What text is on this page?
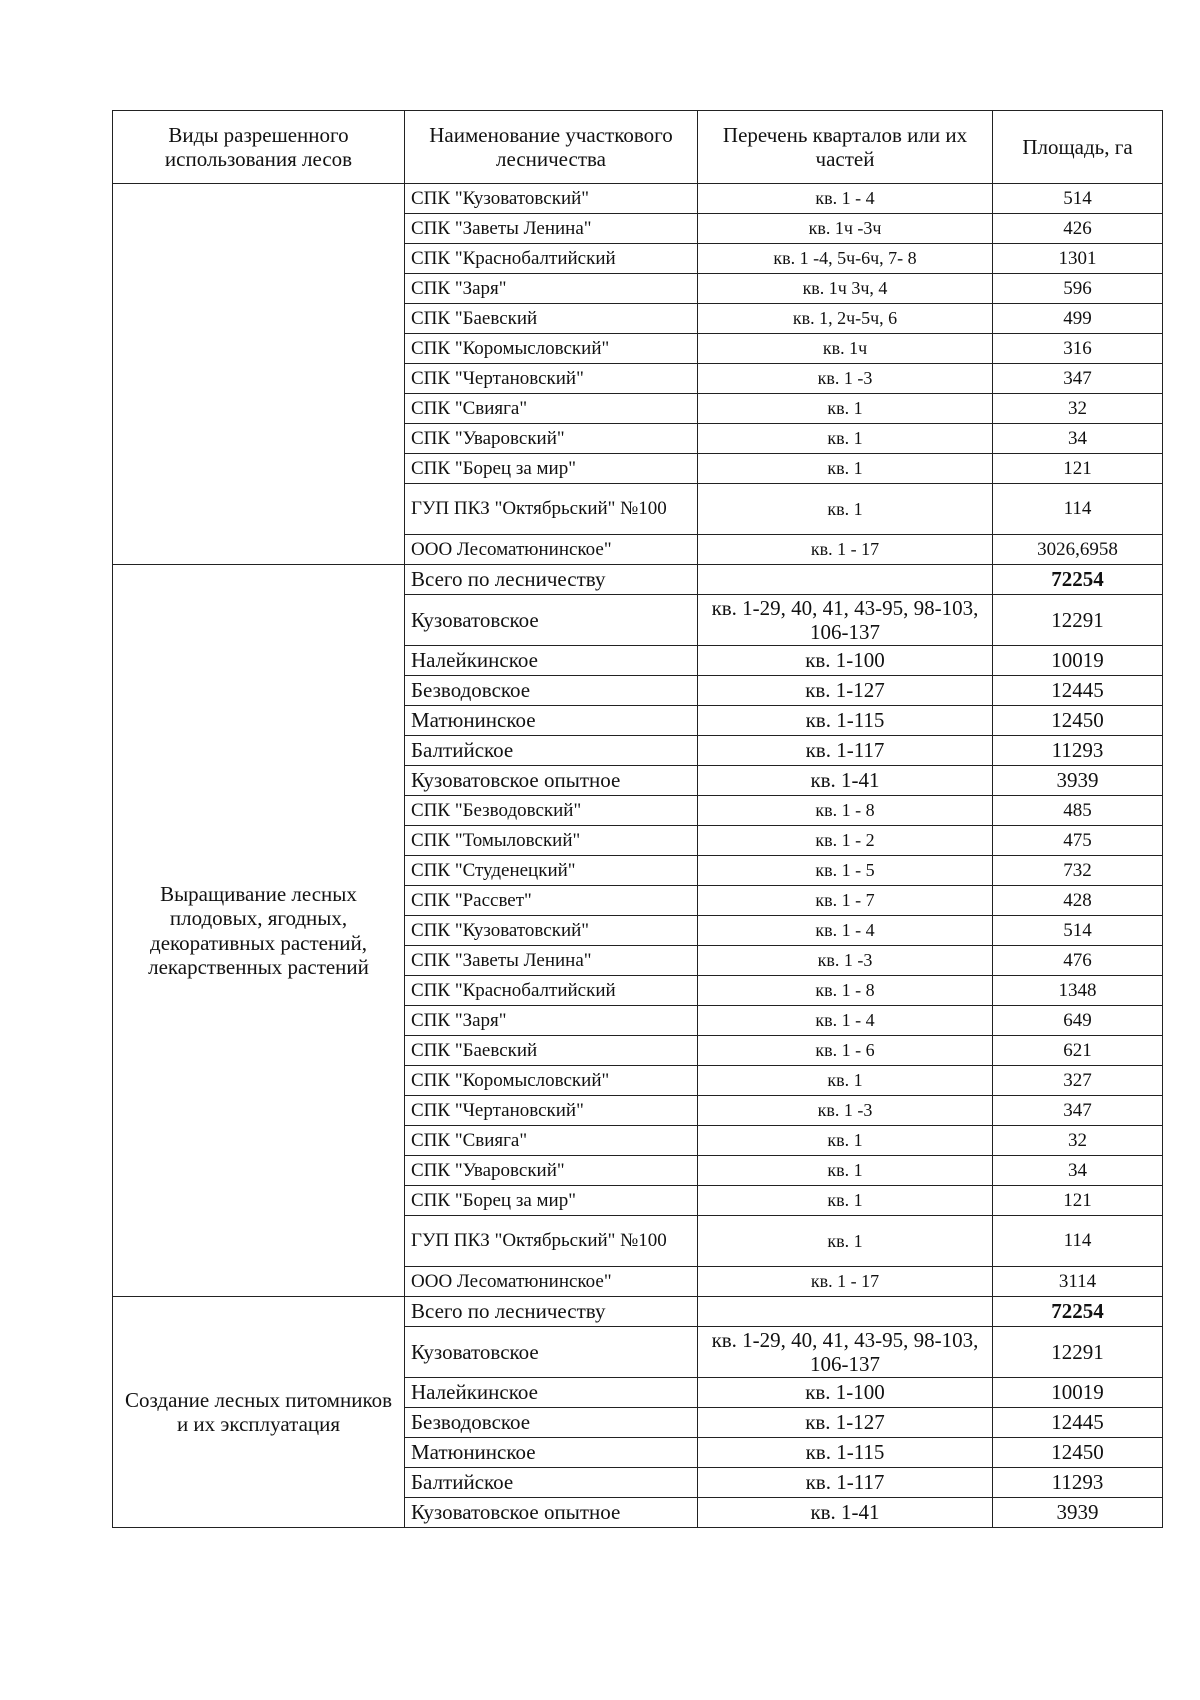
Виды разрешенного использования лесов	Наименование участкового лесничества	Перечень кварталов или их частей	Площадь, га
	СПК "Кузоватовский"	кв. 1 - 4	514
	СПК "Заветы Ленина"	кв. 1ч -3ч	426
	СПК "Краснобалтийский	кв. 1 -4, 5ч-6ч, 7- 8	1301
	СПК "Заря"	кв. 1ч 3ч, 4	596
	СПК "Баевский	кв. 1, 2ч-5ч, 6	499
	СПК "Коромысловский"	кв. 1ч	316
	СПК "Чертановский"	кв. 1 -3	347
	СПК "Свияга"	кв. 1	32
	СПК "Уваровский"	кв. 1	34
	СПК "Борец за мир"	кв. 1	121
	ГУП ПКЗ "Октябрьский" №100	кв. 1	114
	ООО Лесоматюнинское"	кв. 1 - 17	3026,6958
Выращивание лесных плодовых, ягодных, декоративных растений, лекарственных растений	Всего по лесничеству		72254
	Кузоватовское	кв. 1-29, 40, 41, 43-95, 98-103, 106-137	12291
	Налейкинское	кв. 1-100	10019
	Безводовское	кв. 1-127	12445
	Матюнинское	кв. 1-115	12450
	Балтийское	кв. 1-117	11293
	Кузоватовское опытное	кв. 1-41	3939
	СПК "Безводовский"	кв. 1 - 8	485
	СПК "Томыловский"	кв. 1 - 2	475
	СПК "Студенецкий"	кв. 1 - 5	732
	СПК "Рассвет"	кв. 1 - 7	428
	СПК "Кузоватовский"	кв. 1 - 4	514
	СПК "Заветы Ленина"	кв. 1 -3	476
	СПК "Краснобалтийский	кв. 1 - 8	1348
	СПК "Заря"	кв. 1 - 4	649
	СПК "Баевский	кв. 1 - 6	621
	СПК "Коромысловский"	кв. 1	327
	СПК "Чертановский"	кв. 1 -3	347
	СПК "Свияга"	кв. 1	32
	СПК "Уваровский"	кв. 1	34
	СПК "Борец за мир"	кв. 1	121
	ГУП ПКЗ "Октябрьский" №100	кв. 1	114
	ООО Лесоматюнинское"	кв. 1 - 17	3114
Создание лесных питомников и их эксплуатация	Всего по лесничеству		72254
	Кузоватовское	кв. 1-29, 40, 41, 43-95, 98-103, 106-137	12291
	Налейкинское	кв. 1-100	10019
	Безводовское	кв. 1-127	12445
	Матюнинское	кв. 1-115	12450
	Балтийское	кв. 1-117	11293
	Кузоватовское опытное	кв. 1-41	3939
